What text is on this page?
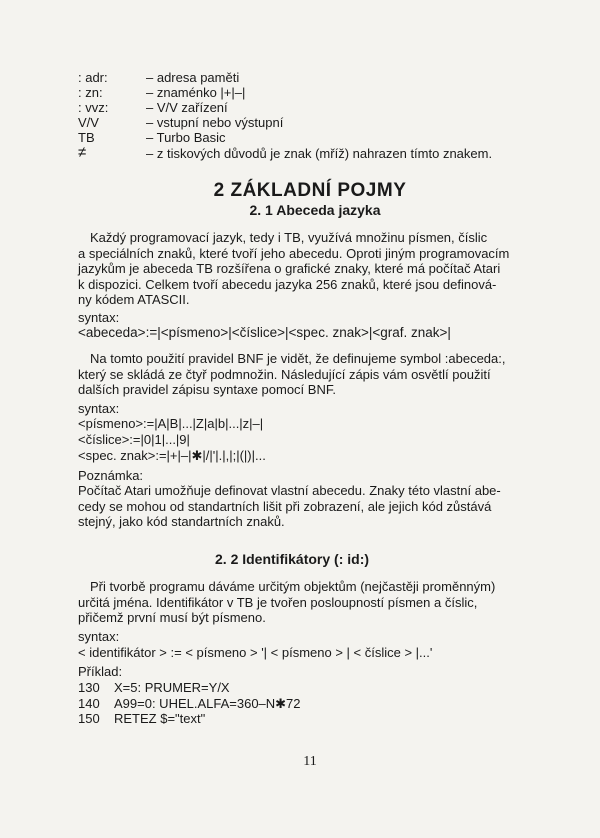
: adr:	– adresa paměti
: zn:	– znaménko |+|–|
: vvz:	– V/V zařízení
V/V	– vstupní nebo výstupní
TB	– Turbo Basic
≠	– z tiskových důvodů je znak (mříž) nahrazen tímto znakem.
2 ZÁKLADNÍ POJMY
2. 1 Abeceda jazyka

Každý programovací jazyk, tedy i TB, využívá množinu písmen, číslic

a speciálních znaků, které tvoří jeho abecedu. Oproti jiným programovacím

jazykům je abeceda TB rozšířena o grafické znaky, které má počítač Atari

k dispozici. Celkem tvoří abecedu jazyka 256 znaků, které jsou definová-

ny kódem ATASCII.

syntax:
<abeceda>:=|<písmeno>|<číslice>|<spec. znak>|<graf. znak>|

Na tomto použití pravidel BNF je vidět, že definujeme symbol :abeceda:,

který se skládá ze čtyř podmnožin. Následující zápis vám osvětlí použití

dalších pravidel zápisu syntaxe pomocí BNF.

syntax:
<písmeno>:=|A|B|...|Z|a|b|...|z|–|
<číslice>:=|0|1|...|9|
<spec. znak>:=|+|–|✱|/|'|.|,|;|(|)|...
Poznámka:

Počítač Atari umožňuje definovat vlastní abecedu. Znaky této vlastní abe-

cedy se mohou od standartních lišit při zobrazení, ale jejich kód zůstává

stejný, jako kód standartních znaků.

2. 2 Identifikátory (: id:)

Při tvorbě programu dáváme určitým objektům (nejčastěji proměnným)

určitá jména. Identifikátor v TB je tvořen posloupností písmen a číslic,

přičemž první musí být písmeno.

syntax:
< identifikátor > := < písmeno > '| < písmeno > | < číslice > |...'
Příklad:
130 X=5: PRUMER=Y/X
140 A99=0: UHEL.ALFA=360–N✱72
150 RETEZ $="text"
11
